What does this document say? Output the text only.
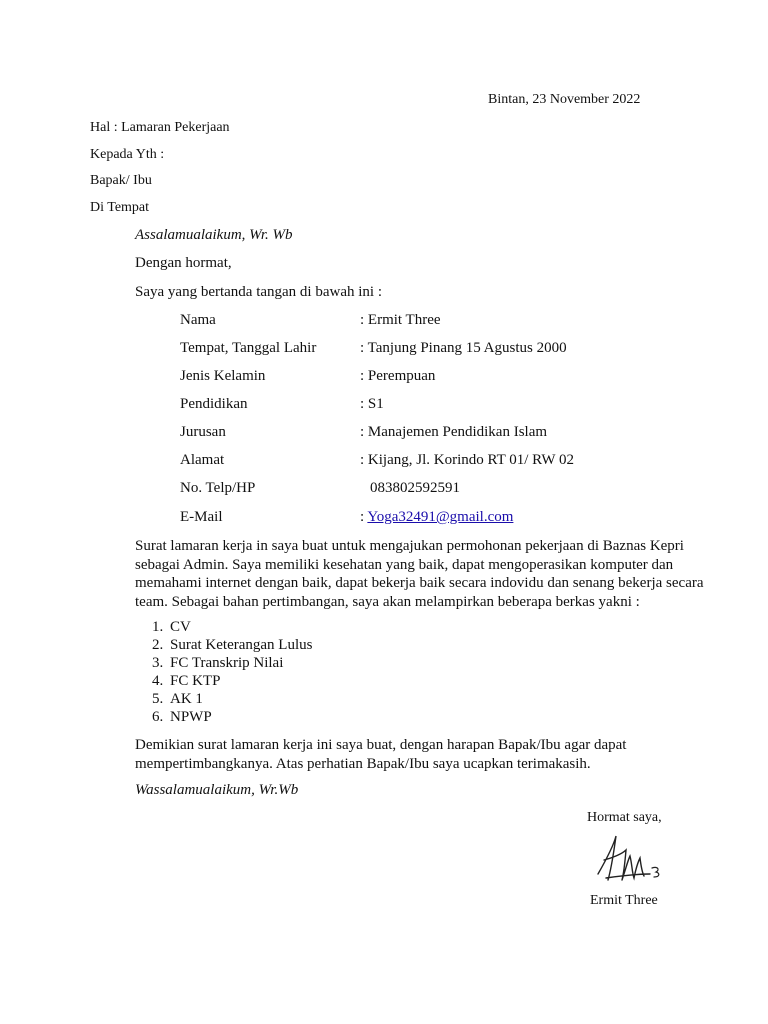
Bintan, 23 November 2022
Hal : Lamaran Pekerjaan
Kepada Yth :
Bapak/ Ibu
Di Tempat
Assalamualaikum, Wr. Wb
Dengan hormat,
Saya yang bertanda tangan di bawah ini :
Nama	: Ermit Three
Tempat, Tanggal Lahir	: Tanjung Pinang 15 Agustus 2000
Jenis Kelamin	: Perempuan
Pendidikan	: S1
Jurusan	: Manajemen Pendidikan Islam
Alamat	: Kijang, Jl. Korindo RT 01/ RW 02
No. Telp/HP	083802592591
E-Mail	: Yoga32491@gmail.com
Surat lamaran kerja in saya buat untuk mengajukan permohonan pekerjaan di Baznas Kepri sebagai Admin. Saya memiliki kesehatan yang baik, dapat mengoperasikan komputer dan memahami internet dengan baik, dapat bekerja baik secara indovidu dan senang bekerja secara team. Sebagai bahan pertimbangan, saya akan melampirkan beberapa berkas yakni :
1. CV
2. Surat Keterangan Lulus
3. FC Transkrip Nilai
4. FC KTP
5. AK 1
6. NPWP
Demikian surat lamaran kerja ini saya buat, dengan harapan Bapak/Ibu agar dapat mempertimbangkanya. Atas perhatian Bapak/Ibu saya ucapkan terimakasih.
Wassalamualaikum, Wr.Wb
Hormat saya,
Ermit Three
